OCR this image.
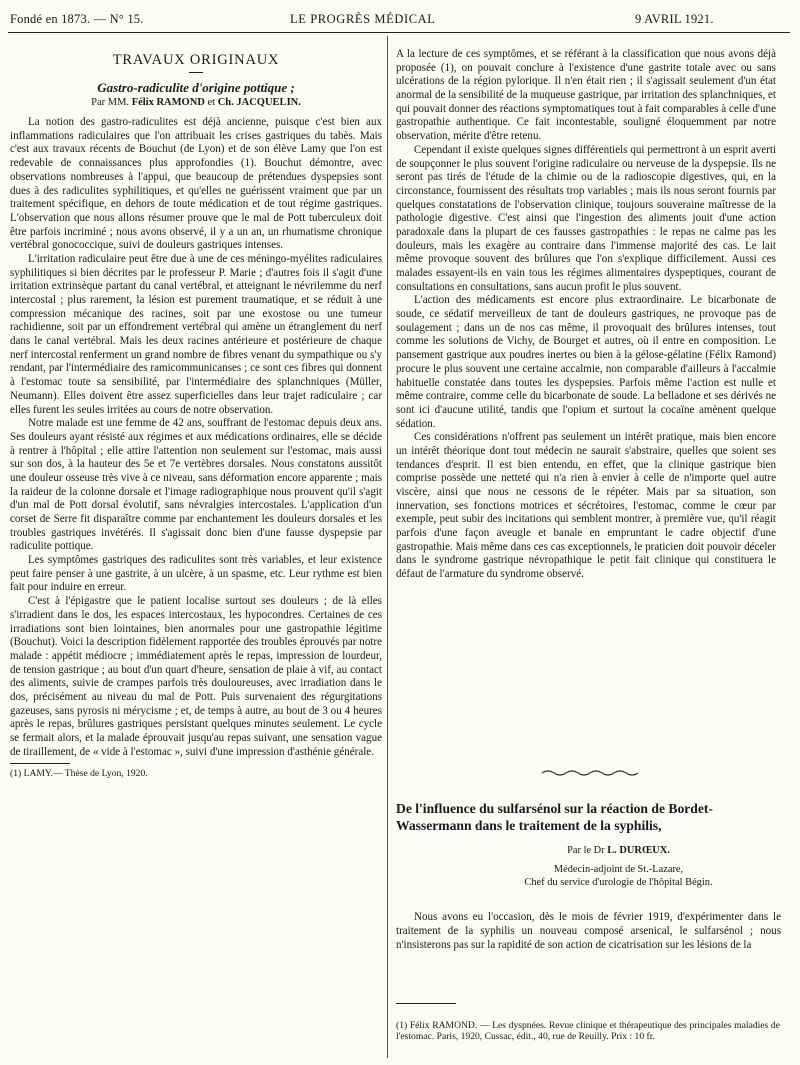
Fondé en 1873. — N° 15.	LE PROGRÈS MÉDICAL	9 AVRIL 1921.

TRAVAUX ORIGINAUX

Gastro-radiculite d'origine pottique ;

Par MM. Félix RAMOND et Ch. JACQUELIN.

La notion des gastro-radiculites est déjà ancienne, puisque c'est bien aux inflammations radiculaires que l'on attribuait les crises gastriques du tabès. Mais c'est aux travaux récents de Bouchut (de Lyon) et de son élève Lamy que l'on est redevable de connaissances plus approfondies (1). Bouchut démontre, avec observations nombreuses à l'appui, que beaucoup de prétendues dyspepsies sont dues à des radiculites syphilitiques, et qu'elles ne guérissent vraiment que par un traitement spécifique, en dehors de toute médication et de tout régime gastriques. L'observation que nous allons résumer prouve que le mal de Pott tuberculeux doit être parfois incriminé ; nous avons observé, il y a un an, un rhumatisme chronique vertébral gonococcique, suivi de douleurs gastriques intenses.

L'irritation radiculaire peut être due à une de ces méningo-myélites radiculaires syphilitiques si bien décrites par le professeur P. Marie ; d'autres fois il s'agit d'une irritation extrinsèque partant du canal vertébral, et atteignant le névrilemme du nerf intercostal ; plus rarement, la lésion est purement traumatique, et se réduit à une compression mécanique des racines, soit par une exostose ou une tumeur rachidienne, soit par un effondrement vertébral qui amène un étranglement du nerf dans le canal vertébral. Mais les deux racines antérieure et postérieure de chaque nerf intercostal renferment un grand nombre de fibres venant du sympathique ou s'y rendant, par l'intermédiaire des ramicommunicanses ; ce sont ces fibres qui donnent à l'estomac toute sa sensibilité, par l'intermédiaire des splanchniques (Müller, Neumann). Elles doivent être assez superficielles dans leur trajet radiculaire ; car elles furent les seules irritées au cours de notre observation.

Notre malade est une femme de 42 ans, souffrant de l'estomac depuis deux ans. Ses douleurs ayant résisté aux régimes et aux médications ordinaires, elle se décide à rentrer à l'hôpital ; elle attire l'attention non seulement sur l'estomac, mais aussi sur son dos, à la hauteur des 5e et 7e vertèbres dorsales. Nous constatons aussitôt une douleur osseuse très vive à ce niveau, sans déformation encore apparente ; mais la raideur de la colonne dorsale et l'image radiographique nous prouvent qu'il s'agit d'un mal de Pott dorsal évolutif, sans névralgies intercostales. L'application d'un corset de Serre fit disparaître comme par enchantement les douleurs dorsales et les troubles gastriques invétérés. Il s'agissait donc bien d'une fausse dyspepsie par radiculite pottique.

Les symptômes gastriques des radiculites sont très variables, et leur existence peut faire penser à une gastrite, à un ulcère, à un spasme, etc. Leur rythme est bien fait pour induire en erreur.

C'est à l'épigastre que le patient localise surtout ses douleurs ; de là elles s'irradient dans le dos, les espaces intercostaux, les hypocondres. Certaines de ces irradiations sont bien lointaines, bien anormales pour une gastropathie légitime (Bouchut). Voici la description fidèlement rapportée des troubles éprouvés par notre malade : appétit médiocre ; immédiatement après le repas, impression de lourdeur, de tension gastrique ; au bout d'un quart d'heure, sensation de plaie à vif, au contact des aliments, suivie de crampes parfois très douloureuses, avec irradiation dans le dos, précisément au niveau du mal de Pott. Puis survenaient des régurgitations gazeuses, sans pyrosis ni mérycisme ; et, de temps à autre, au bout de 3 ou 4 heures après le repas, brûlures gastriques persistant quelques minutes seulement. Le cycle se fermait alors, et la malade éprouvait jusqu'au repas suivant, une sensation vague de tiraillement, de « vide à l'estomac », suivi d'une impression d'asthénie générale.

(1) LAMY.— Thèse de Lyon, 1920.

A la lecture de ces symptômes, et se référant à la classification que nous avons déjà proposée (1), on pouvait conclure à l'existence d'une gastrite totale avec ou sans ulcérations de la région pylorique. Il n'en était rien ; il s'agissait seulement d'un état anormal de la sensibilité de la muqueuse gastrique, par irritation des splanchniques, et qui pouvait donner des réactions symptomatiques tout à fait comparables à celle d'une gastropathie authentique. Ce fait incontestable, souligné éloquemment par notre observation, mérite d'être retenu.

Cependant il existe quelques signes différentiels qui permettront à un esprit averti de soupçonner le plus souvent l'origine radiculaire ou nerveuse de la dyspepsie. Ils ne seront pas tirés de l'étude de la chimie ou de la radioscopie digestives, qui, en la circonstance, fournissent des résultats trop variables ; mais ils nous seront fournis par quelques constatations de l'observation clinique, toujours souveraine maîtresse de la pathologie digestive. C'est ainsi que l'ingestion des aliments jouit d'une action paradoxale dans la plupart de ces fausses gastropathies : le repas ne calme pas les douleurs, mais les exagère au contraire dans l'immense majorité des cas. Le lait même provoque souvent des brûlures que l'on s'explique difficilement. Aussi ces malades essayent-ils en vain tous les régimes alimentaires dyspeptiques, courant de consultations en consultations, sans aucun profit le plus souvent.

L'action des médicaments est encore plus extraordinaire. Le bicarbonate de soude, ce sédatif merveilleux de tant de douleurs gastriques, ne provoque pas de soulagement ; dans un de nos cas même, il provoquait des brûlures intenses, tout comme les solutions de Vichy, de Bourget et autres, où il entre en composition. Le pansement gastrique aux poudres inertes ou bien à la gélose-gélatine (Félix Ramond) procure le plus souvent une certaine accalmie, non comparable d'ailleurs à l'accalmie habituelle constatée dans toutes les dyspepsies. Parfois même l'action est nulle et même contraire, comme celle du bicarbonate de soude. La belladone et ses dérivés ne sont ici d'aucune utilité, tandis que l'opium et surtout la cocaïne amènent quelque sédation.

Ces considérations n'offrent pas seulement un intérêt pratique, mais bien encore un intérêt théorique dont tout médecin ne saurait s'abstraire, quelles que soient ses tendances d'esprit. Il est bien entendu, en effet, que la clinique gastrique bien comprise possède une netteté qui n'a rien à envier à celle de n'importe quel autre viscère, ainsi que nous ne cessons de le répéter. Mais par sa situation, son innervation, ses fonctions motrices et sécrétoires, l'estomac, comme le cœur par exemple, peut subir des incitations qui semblent montrer, à première vue, qu'il réagit parfois d'une façon aveugle et banale en empruntant le cadre objectif d'une gastropathie. Mais même dans ces cas exceptionnels, le praticien doit pouvoir déceler dans le syndrome gastrique névropathique le petit fait clinique qui constituera le défaut de l'armature du syndrome observé.

De l'influence du sulfarsénol sur la réaction de Bordet-Wassermann dans le traitement de la syphilis,

Par le Dr L. DURŒUX.

Médecin-adjoint de St.-Lazare,

Chef du service d'urologie de l'hôpital Bégin.

Nous avons eu l'occasion, dès le mois de février 1919, d'expérimenter dans le traitement de la syphilis un nouveau composé arsenical, le sulfarsénol ; nous n'insisterons pas sur la rapidité de son action de cicatrisation sur les lésions de la

(1) Félix RAMOND. — Les dyspnées. Revue clinique et thérapeutique des principales maladies de l'estomac. Paris, 1920, Cussac, édit., 40, rue de Reuilly. Prix : 10 fr.
